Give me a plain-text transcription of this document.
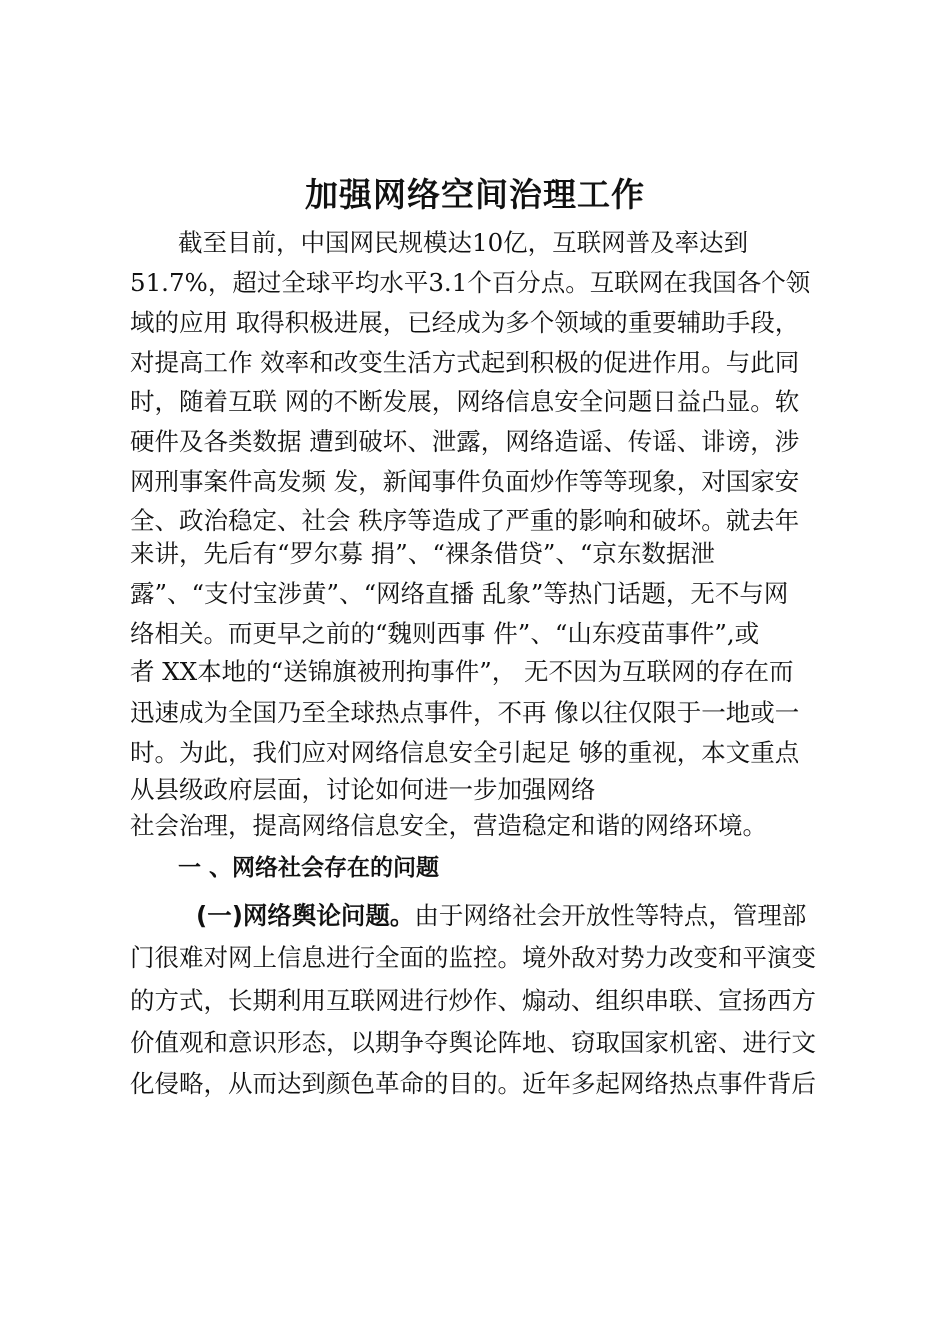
加强网络空间治理工作
截至目前，中国网民规模达10亿，互联网普及率达到
51.7%，超过全球平均水平3.1个百分点。互联网在我国各个领
域的应用 取得积极进展，已经成为多个领域的重要辅助手段，
对提高工作 效率和改变生活方式起到积极的促进作用。与此同
时，随着互联 网的不断发展，网络信息安全问题日益凸显。软
硬件及各类数据 遭到破坏、泄露，网络造谣、传谣、诽谤，涉
网刑事案件高发频 发，新闻事件负面炒作等等现象，对国家安
全、政治稳定、社会 秩序等造成了严重的影响和破坏。就去年
来讲，先后有“罗尔募 捐”、“裸条借贷”、“京东数据泄
露”、“支付宝涉黄”、“网络直播 乱象”等热门话题，无不与网
络相关。而更早之前的“魏则西事 件”、“山东疫苗事件”,或
者 XX本地的“送锦旗被刑拘事件”， 无不因为互联网的存在而
迅速成为全国乃至全球热点事件，不再 像以往仅限于一地或一
时。为此，我们应对网络信息安全引起足 够的重视，本文重点
从县级政府层面，讨论如何进一步加强网络
社会治理，提高网络信息安全，营造稳定和谐的网络环境。
一 、网络社会存在的问题
(一)网络舆论问题。由于网络社会开放性等特点，管理部
门很难对网上信息进行全面的监控。境外敌对势力改变和平演变
的方式，长期利用互联网进行炒作、煽动、组织串联、宣扬西方
价值观和意识形态，以期争夺舆论阵地、窃取国家机密、进行文
化侵略，从而达到颜色革命的目的。近年多起网络热点事件背后
